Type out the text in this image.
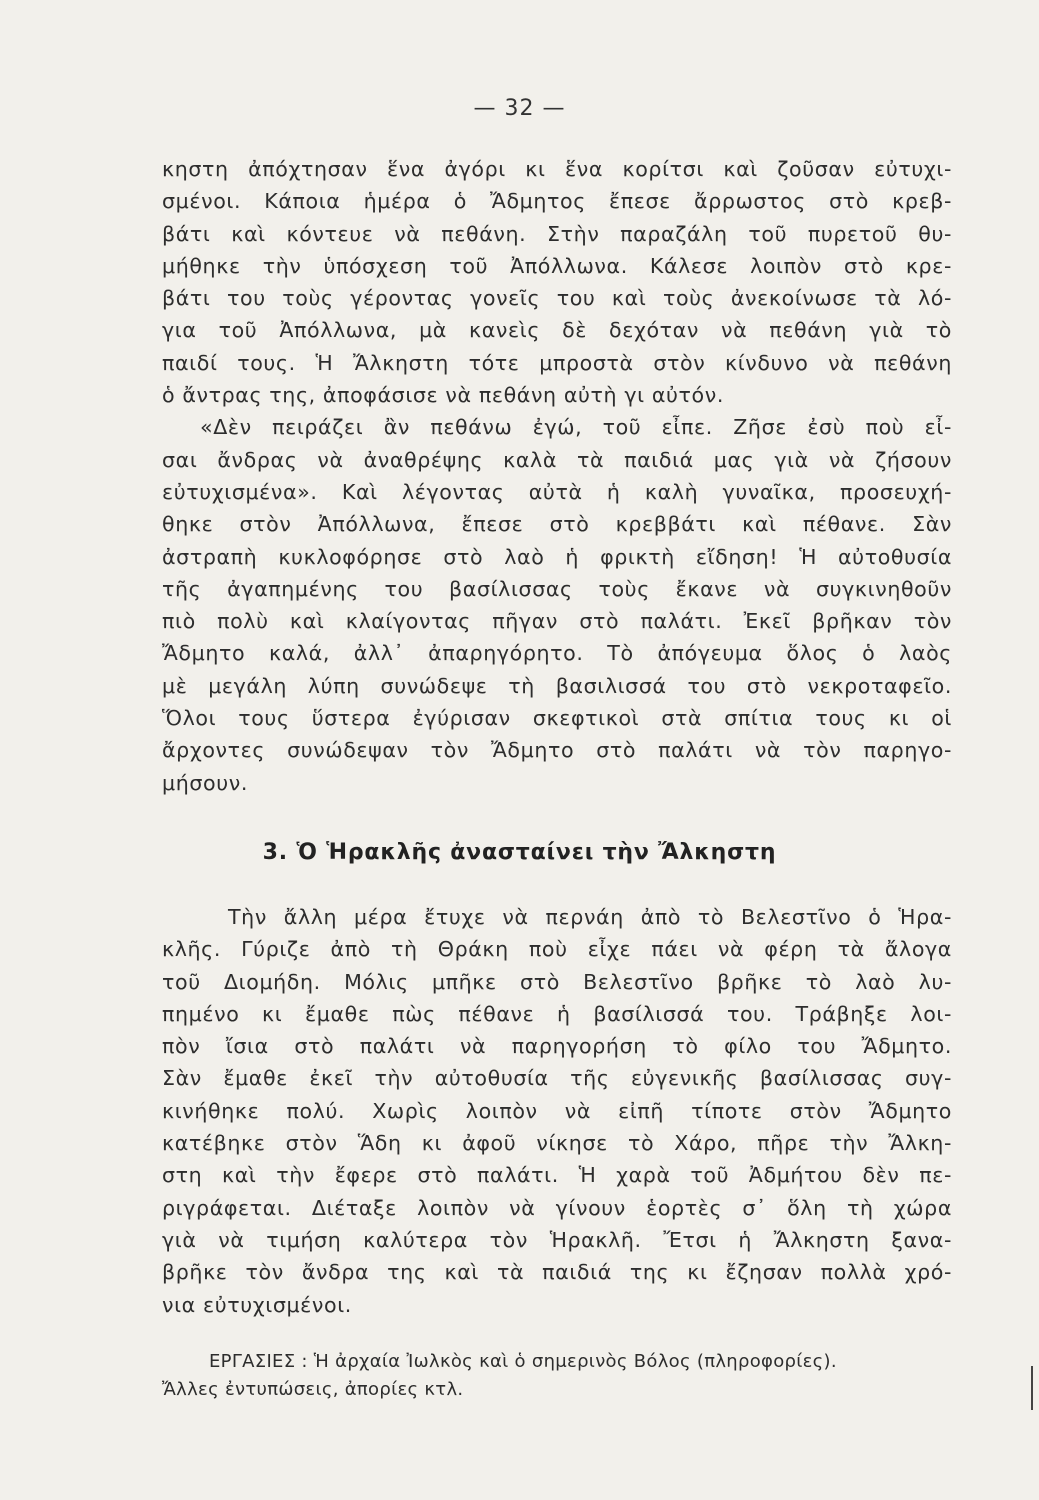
— 32 —
κηστη ἀπόχτησαν ἕνα ἀγόρι κι ἕνα κορίτσι καὶ ζοῦσαν εὐτυχι-
σμένοι. Κάποια ἡμέρα ὁ Ἄδμητος ἔπεσε ἄρρωστος στὸ κρεβ-
βάτι καὶ κόντευε νὰ πεθάνη. Στὴν παραζάλη τοῦ πυρετοῦ θυ-
μήθηκε τὴν ὑπόσχεση τοῦ Ἀπόλλωνα. Κάλεσε λοιπὸν στὸ κρε-
βάτι του τοὺς γέροντας γονεῖς του καὶ τοὺς ἀνεκοίνωσε τὰ λό-
για τοῦ Ἀπόλλωνα, μὰ κανεὶς δὲ δεχόταν νὰ πεθάνη γιὰ τὸ
παιδί τους. Ἡ Ἄλκηστη τότε μπροστὰ στὸν κίνδυνο νὰ πεθάνη
ὁ ἄντρας της, ἀποφάσισε νὰ πεθάνη αὐτὴ γι αὐτόν.
«Δὲν πειράζει ἂν πεθάνω ἐγώ, τοῦ εἶπε. Ζῆσε ἐσὺ ποὺ εἶ-
σαι ἄνδρας νὰ ἀναθρέψης καλὰ τὰ παιδιά μας γιὰ νὰ ζήσουν
εὐτυχισμένα». Καὶ λέγοντας αὐτὰ ἡ καλὴ γυναῖκα, προσευχή-
θηκε στὸν Ἀπόλλωνα, ἔπεσε στὸ κρεββάτι καὶ πέθανε. Σὰν
ἀστραπὴ κυκλοφόρησε στὸ λαὸ ἡ φρικτὴ εἴδηση! Ἡ αὐτοθυσία
τῆς ἀγαπημένης του βασίλισσας τοὺς ἔκανε νὰ συγκινηθοῦν
πιὸ πολὺ καὶ κλαίγοντας πῆγαν στὸ παλάτι. Ἐκεῖ βρῆκαν τὸν
Ἄδμητο καλά, ἀλλ᾿ ἀπαρηγόρητο. Τὸ ἀπόγευμα ὅλος ὁ λαὸς
μὲ μεγάλη λύπη συνώδεψε τὴ βασιλισσά του στὸ νεκροταφεῖο.
Ὅλοι τους ὕστερα ἐγύρισαν σκεφτικοὶ στὰ σπίτια τους κι οἱ
ἄρχοντες συνώδεψαν τὸν Ἄδμητο στὸ παλάτι νὰ τὸν παρηγο-
μήσουν.
3. Ὁ Ἡρακλῆς ἀνασταίνει τὴν Ἄλκηστη
Τὴν ἄλλη μέρα ἔτυχε νὰ περνάη ἀπὸ τὸ Βελεστῖνο ὁ Ἡρα-
κλῆς. Γύριζε ἀπὸ τὴ Θράκη ποὺ εἶχε πάει νὰ φέρη τὰ ἄλογα
τοῦ Διομήδη. Μόλις μπῆκε στὸ Βελεστῖνο βρῆκε τὸ λαὸ λυ-
πημένο κι ἔμαθε πὼς πέθανε ἡ βασίλισσά του. Τράβηξε λοι-
πὸν ἴσια στὸ παλάτι νὰ παρηγορήση τὸ φίλο του Ἄδμητο.
Σὰν ἔμαθε ἐκεῖ τὴν αὐτοθυσία τῆς εὐγενικῆς βασίλισσας συγ-
κινήθηκε πολύ. Χωρὶς λοιπὸν νὰ εἰπῆ τίποτε στὸν Ἄδμητο
κατέβηκε στὸν Ἅδη κι ἀφοῦ νίκησε τὸ Χάρο, πῆρε τὴν Ἄλκη-
στη καὶ τὴν ἔφερε στὸ παλάτι. Ἡ χαρὰ τοῦ Ἀδμήτου δὲν πε-
ριγράφεται. Διέταξε λοιπὸν νὰ γίνουν ἑορτὲς σ᾿ ὅλη τὴ χώρα
γιὰ νὰ τιμήση καλύτερα τὸν Ἡρακλῆ. Ἔτσι ἡ Ἄλκηστη ξανα-
βρῆκε τὸν ἄνδρα της καὶ τὰ παιδιά της κι ἔζησαν πολλὰ χρό-
νια εὐτυχισμένοι.
ΕΡΓΑΣΙΕΣ : Ἡ ἀρχαία Ἰωλκὸς καὶ ὁ σημερινὸς Βόλος (πληροφορίες).
Ἄλλες ἐντυπώσεις, ἀπορίες κτλ.
